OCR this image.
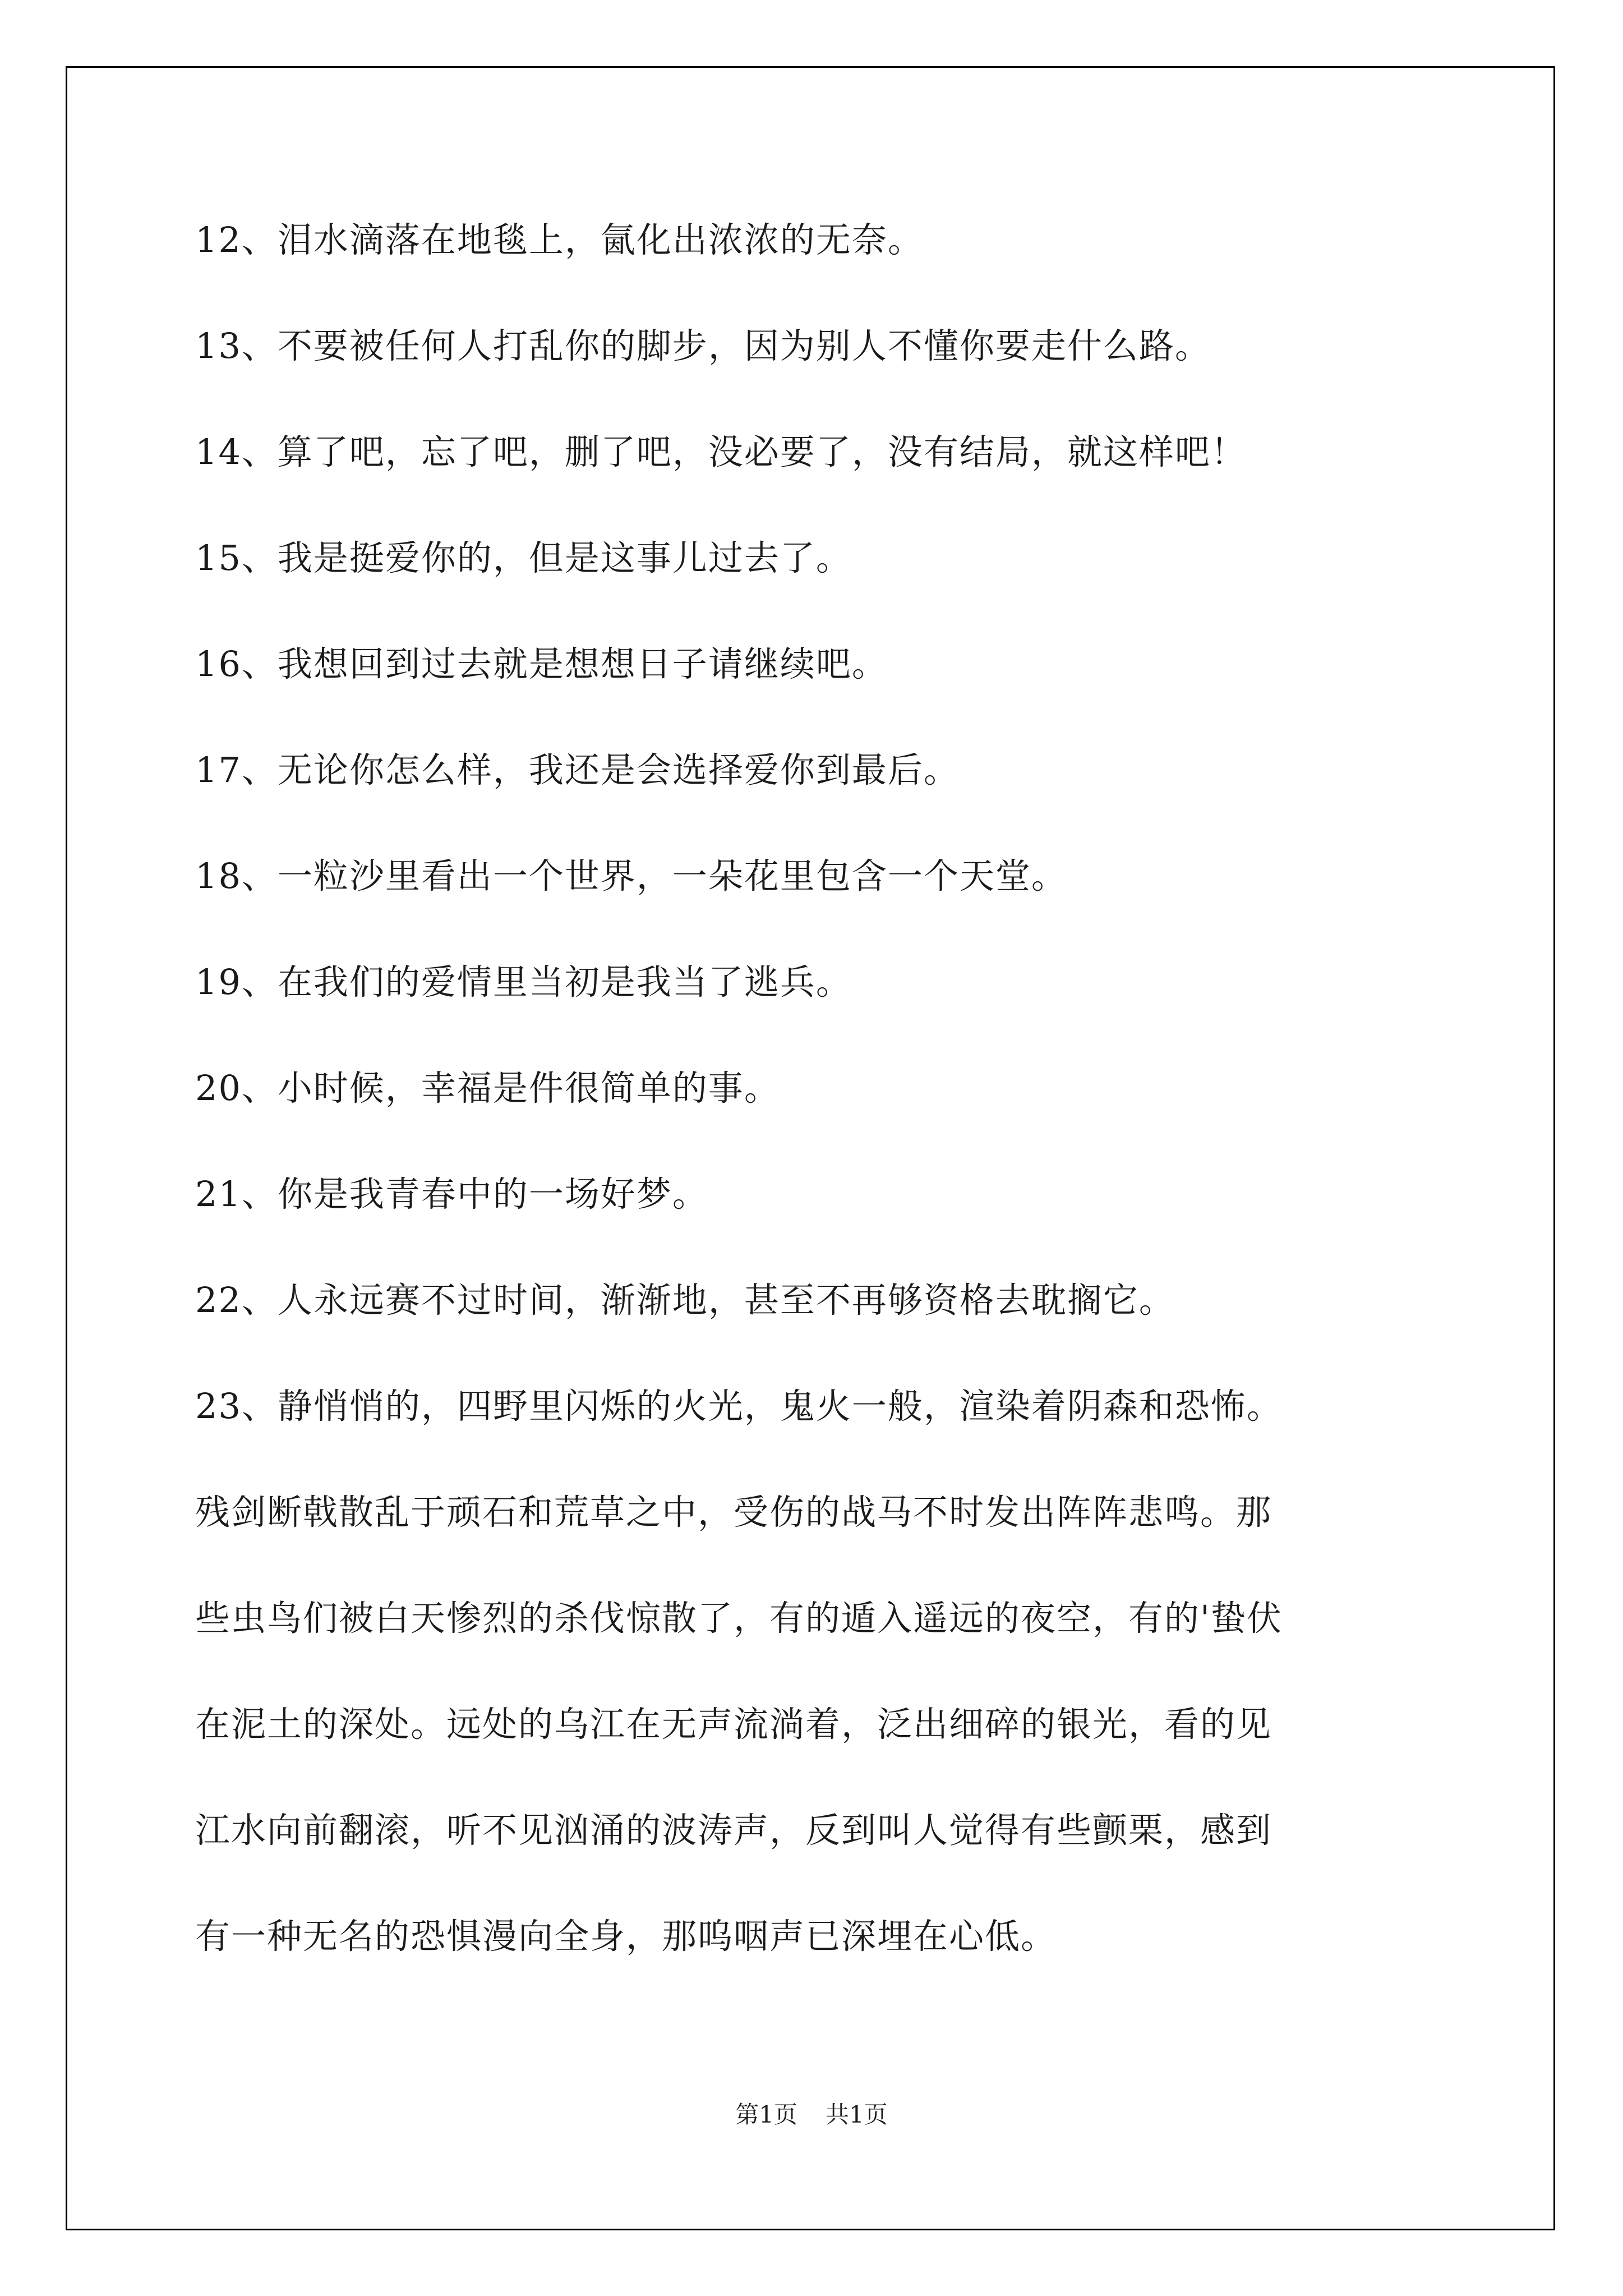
12、泪水滴落在地毯上，氤化出浓浓的无奈。
13、不要被任何人打乱你的脚步，因为别人不懂你要走什么路。
14、算了吧，忘了吧，删了吧，没必要了，没有结局，就这样吧！
15、我是挺爱你的，但是这事儿过去了。
16、我想回到过去就是想想日子请继续吧。
17、无论你怎么样，我还是会选择爱你到最后。
18、一粒沙里看出一个世界，一朵花里包含一个天堂。
19、在我们的爱情里当初是我当了逃兵。
20、小时候，幸福是件很简单的事。
21、你是我青春中的一场好梦。
22、人永远赛不过时间，渐渐地，甚至不再够资格去耽搁它。
23、静悄悄的，四野里闪烁的火光，鬼火一般，渲染着阴森和恐怖。
残剑断戟散乱于顽石和荒草之中，受伤的战马不时发出阵阵悲鸣。那
些虫鸟们被白天惨烈的杀伐惊散了，有的遁入遥远的夜空，有的'蛰伏
在泥土的深处。远处的乌江在无声流淌着，泛出细碎的银光，看的见
江水向前翻滚，听不见汹涌的波涛声，反到叫人觉得有些颤栗，感到
有一种无名的恐惧漫向全身，那呜咽声已深埋在心低。
第1页 共1页
